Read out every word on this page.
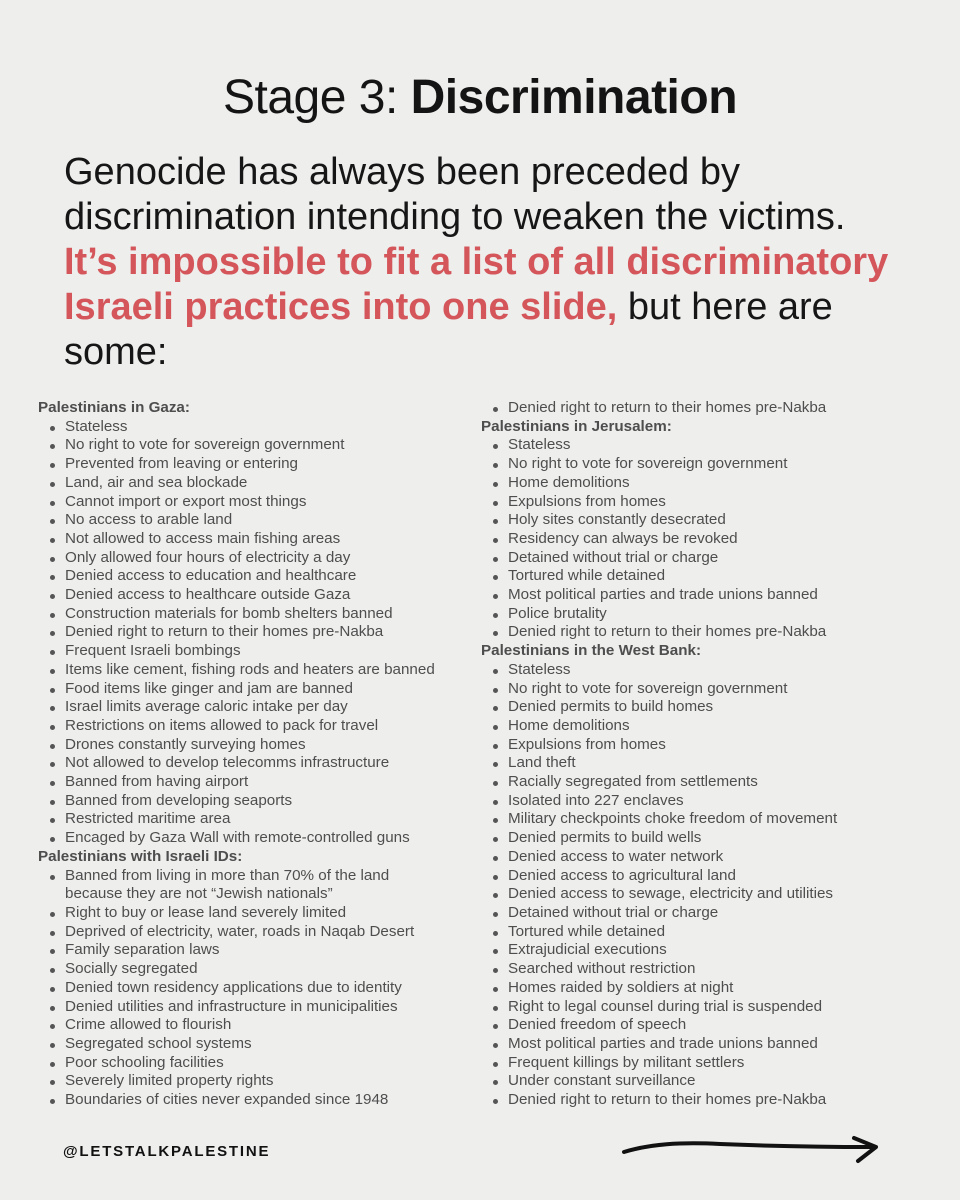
Stage 3: Discrimination

Genocide has always been preceded by discrimination intending to weaken the victims. It’s impossible to fit a list of all discriminatory Israeli practices into one slide, but here are some:

Palestinians in Gaza:
Stateless
No right to vote for sovereign government
Prevented from leaving or entering
Land, air and sea blockade
Cannot import or export most things
No access to arable land
Not allowed to access main fishing areas
Only allowed four hours of electricity a day
Denied access to education and healthcare
Denied access to healthcare outside Gaza
Construction materials for bomb shelters banned
Denied right to return to their homes pre-Nakba
Frequent Israeli bombings
Items like cement, fishing rods and heaters are banned
Food items like ginger and jam are banned
Israel limits average caloric intake per day
Restrictions on items allowed to pack for travel
Drones constantly surveying homes
Not allowed to develop telecomms infrastructure
Banned from having airport
Banned from developing seaports
Restricted maritime area
Encaged by Gaza Wall with remote-controlled guns
Palestinians with Israeli IDs:
Banned from living in more than 70% of the land
because they are not “Jewish nationals”
Right to buy or lease land severely limited
Deprived of electricity, water, roads in Naqab Desert
Family separation laws
Socially segregated
Denied town residency applications due to identity
Denied utilities and infrastructure in municipalities
Crime allowed to flourish
Segregated school systems
Poor schooling facilities
Severely limited property rights
Boundaries of cities never expanded since 1948
Denied right to return to their homes pre-Nakba
Palestinians in Jerusalem:
Stateless
No right to vote for sovereign government
Home demolitions
Expulsions from homes
Holy sites constantly desecrated
Residency can always be revoked
Detained without trial or charge
Tortured while detained
Most political parties and trade unions banned
Police brutality
Denied right to return to their homes pre-Nakba
Palestinians in the West Bank:
Stateless
No right to vote for sovereign government
Denied permits to build homes
Home demolitions
Expulsions from homes
Land theft
Racially segregated from settlements
Isolated into 227 enclaves
Military checkpoints choke freedom of movement
Denied permits to build wells
Denied access to water network
Denied access to agricultural land
Denied access to sewage, electricity and utilities
Detained without trial or charge
Tortured while detained
Extrajudicial executions
Searched without restriction
Homes raided by soldiers at night
Right to legal counsel during trial is suspended
Denied freedom of speech
Most political parties and trade unions banned
Frequent killings by militant settlers
Under constant surveillance
Denied right to return to their homes pre-Nakba
@LETSTALKPALESTINE
